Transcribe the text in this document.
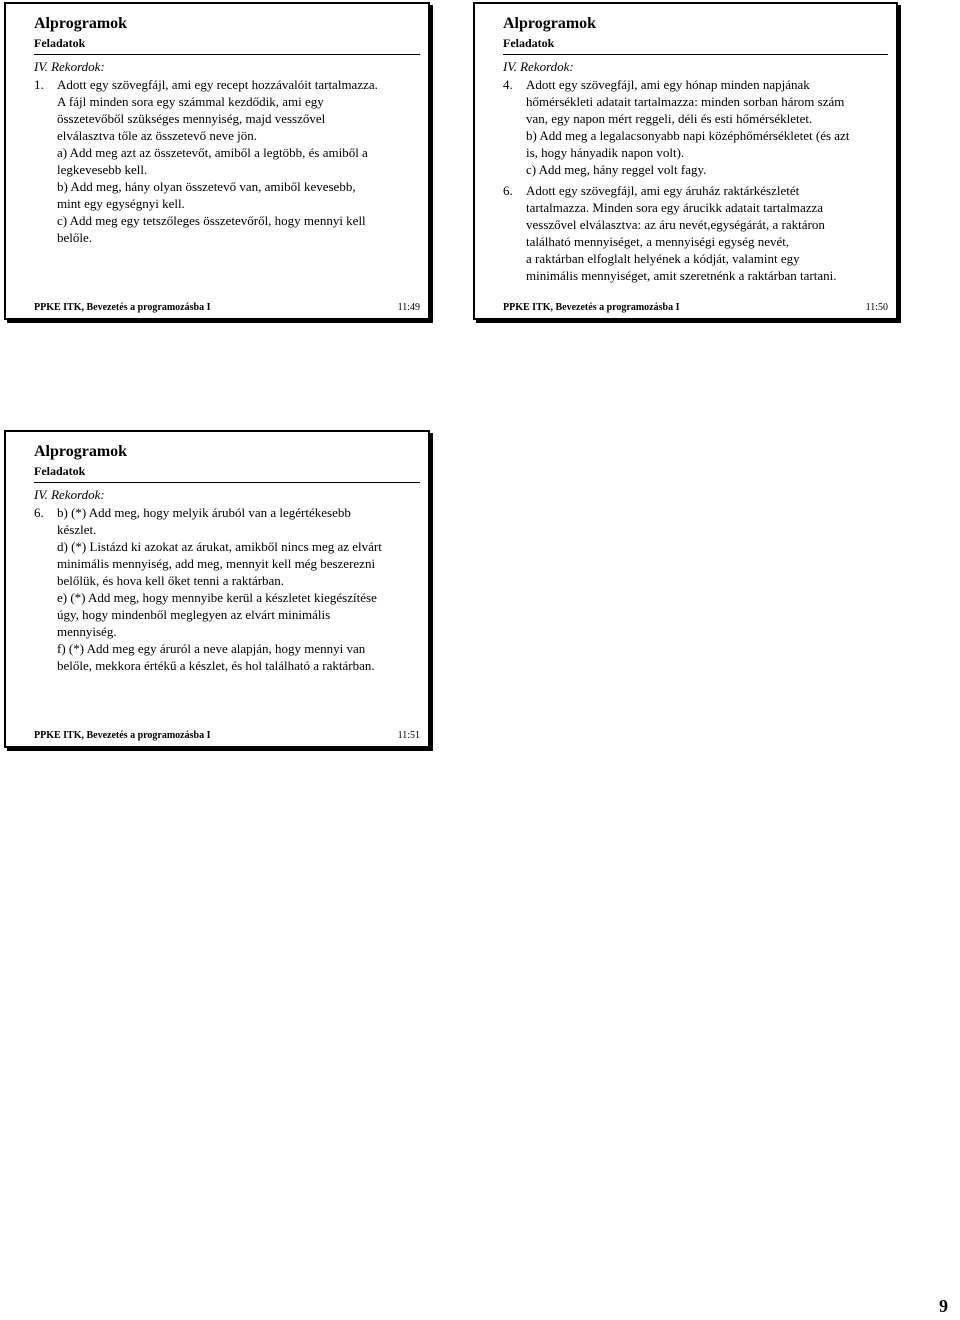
Alprogramok
Feladatok
IV. Rekordok:
1. Adott egy szövegfájl, ami egy recept hozzávalóit tartalmazza.
A fájl minden sora egy számmal kezdődik, ami egy
összetevőből szükséges mennyiség, majd vesszővel
elválasztva tőle az összetevő neve jön.
a) Add meg azt az összetevőt, amiből a legtöbb, és amiből a
legkevesebb kell.
b) Add meg, hány olyan összetevő van, amiből kevesebb,
mint egy egységnyi kell.
c) Add meg egy tetszőleges összetevőről, hogy mennyi kell
belőle.
PPKE ITK, Bevezetés a programozásba I	11:49
Alprogramok
Feladatok
IV. Rekordok:
4. Adott egy szövegfájl, ami egy hónap minden napjának
hőmérsékleti adatait tartalmazza: minden sorban három szám
van, egy napon mért reggeli, déli és esti hőmérsékletet.
b) Add meg a legalacsonyabb napi középhőmérsékletet (és azt
is, hogy hányadik napon volt).
c) Add meg, hány reggel volt fagy.
6. Adott egy szövegfájl, ami egy áruház raktárkészletét
tartalmazza. Minden sora egy árucikk adatait tartalmazza
vesszővel elválasztva: az áru nevét,egységárát, a raktáron
található mennyiséget, a mennyiségi egység nevét,
a raktárban elfoglalt helyének a kódját, valamint egy
minimális mennyiséget, amit szeretnénk a raktárban tartani.
PPKE ITK, Bevezetés a programozásba I	11:50
Alprogramok
Feladatok
IV. Rekordok:
6. b) (*) Add meg, hogy melyik áruból van a legértékesebb
készlet.
d) (*) Listázd ki azokat az árukat, amikből nincs meg az elvárt
minimális mennyiség, add meg, mennyit kell még beszerezni
belőlük, és hova kell őket tenni a raktárban.
e) (*) Add meg, hogy mennyibe kerül a készletet kiegészítése
úgy, hogy mindenből meglegyen az elvárt minimális
mennyiség.
f) (*) Add meg egy áruról a neve alapján, hogy mennyi van
belőle, mekkora értékű a készlet, és hol található a raktárban.
PPKE ITK, Bevezetés a programozásba I	11:51
9
